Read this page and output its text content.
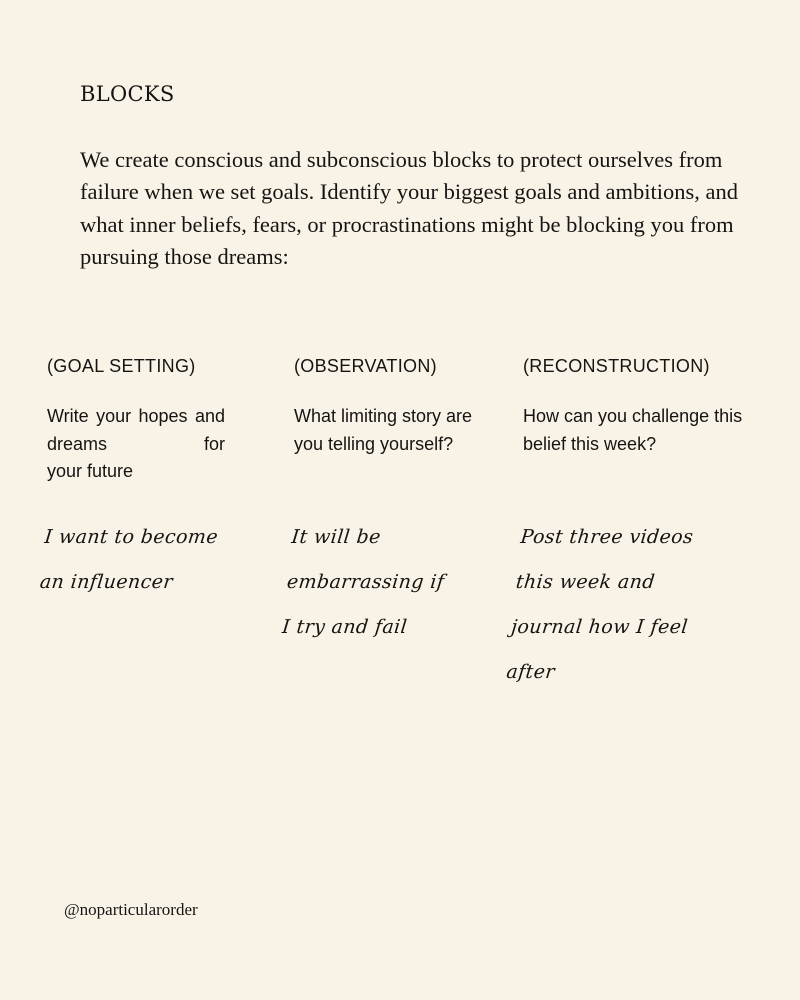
BLOCKS

We create conscious and subconscious blocks to protect ourselves from failure when we set goals. Identify your biggest goals and ambitions, and what inner beliefs, fears, or procrastinations might be blocking you from pursuing those dreams:

(GOAL SETTING)

Write your hopes and dreams for
your future

I want to become
an influencer
(OBSERVATION)

What limiting story are you telling yourself?

It will be
embarrassing if
I try and fail
(RECONSTRUCTION)

How can you challenge this belief this week?

Post three videos
this week and
journal how I feel
after

@noparticularorder
